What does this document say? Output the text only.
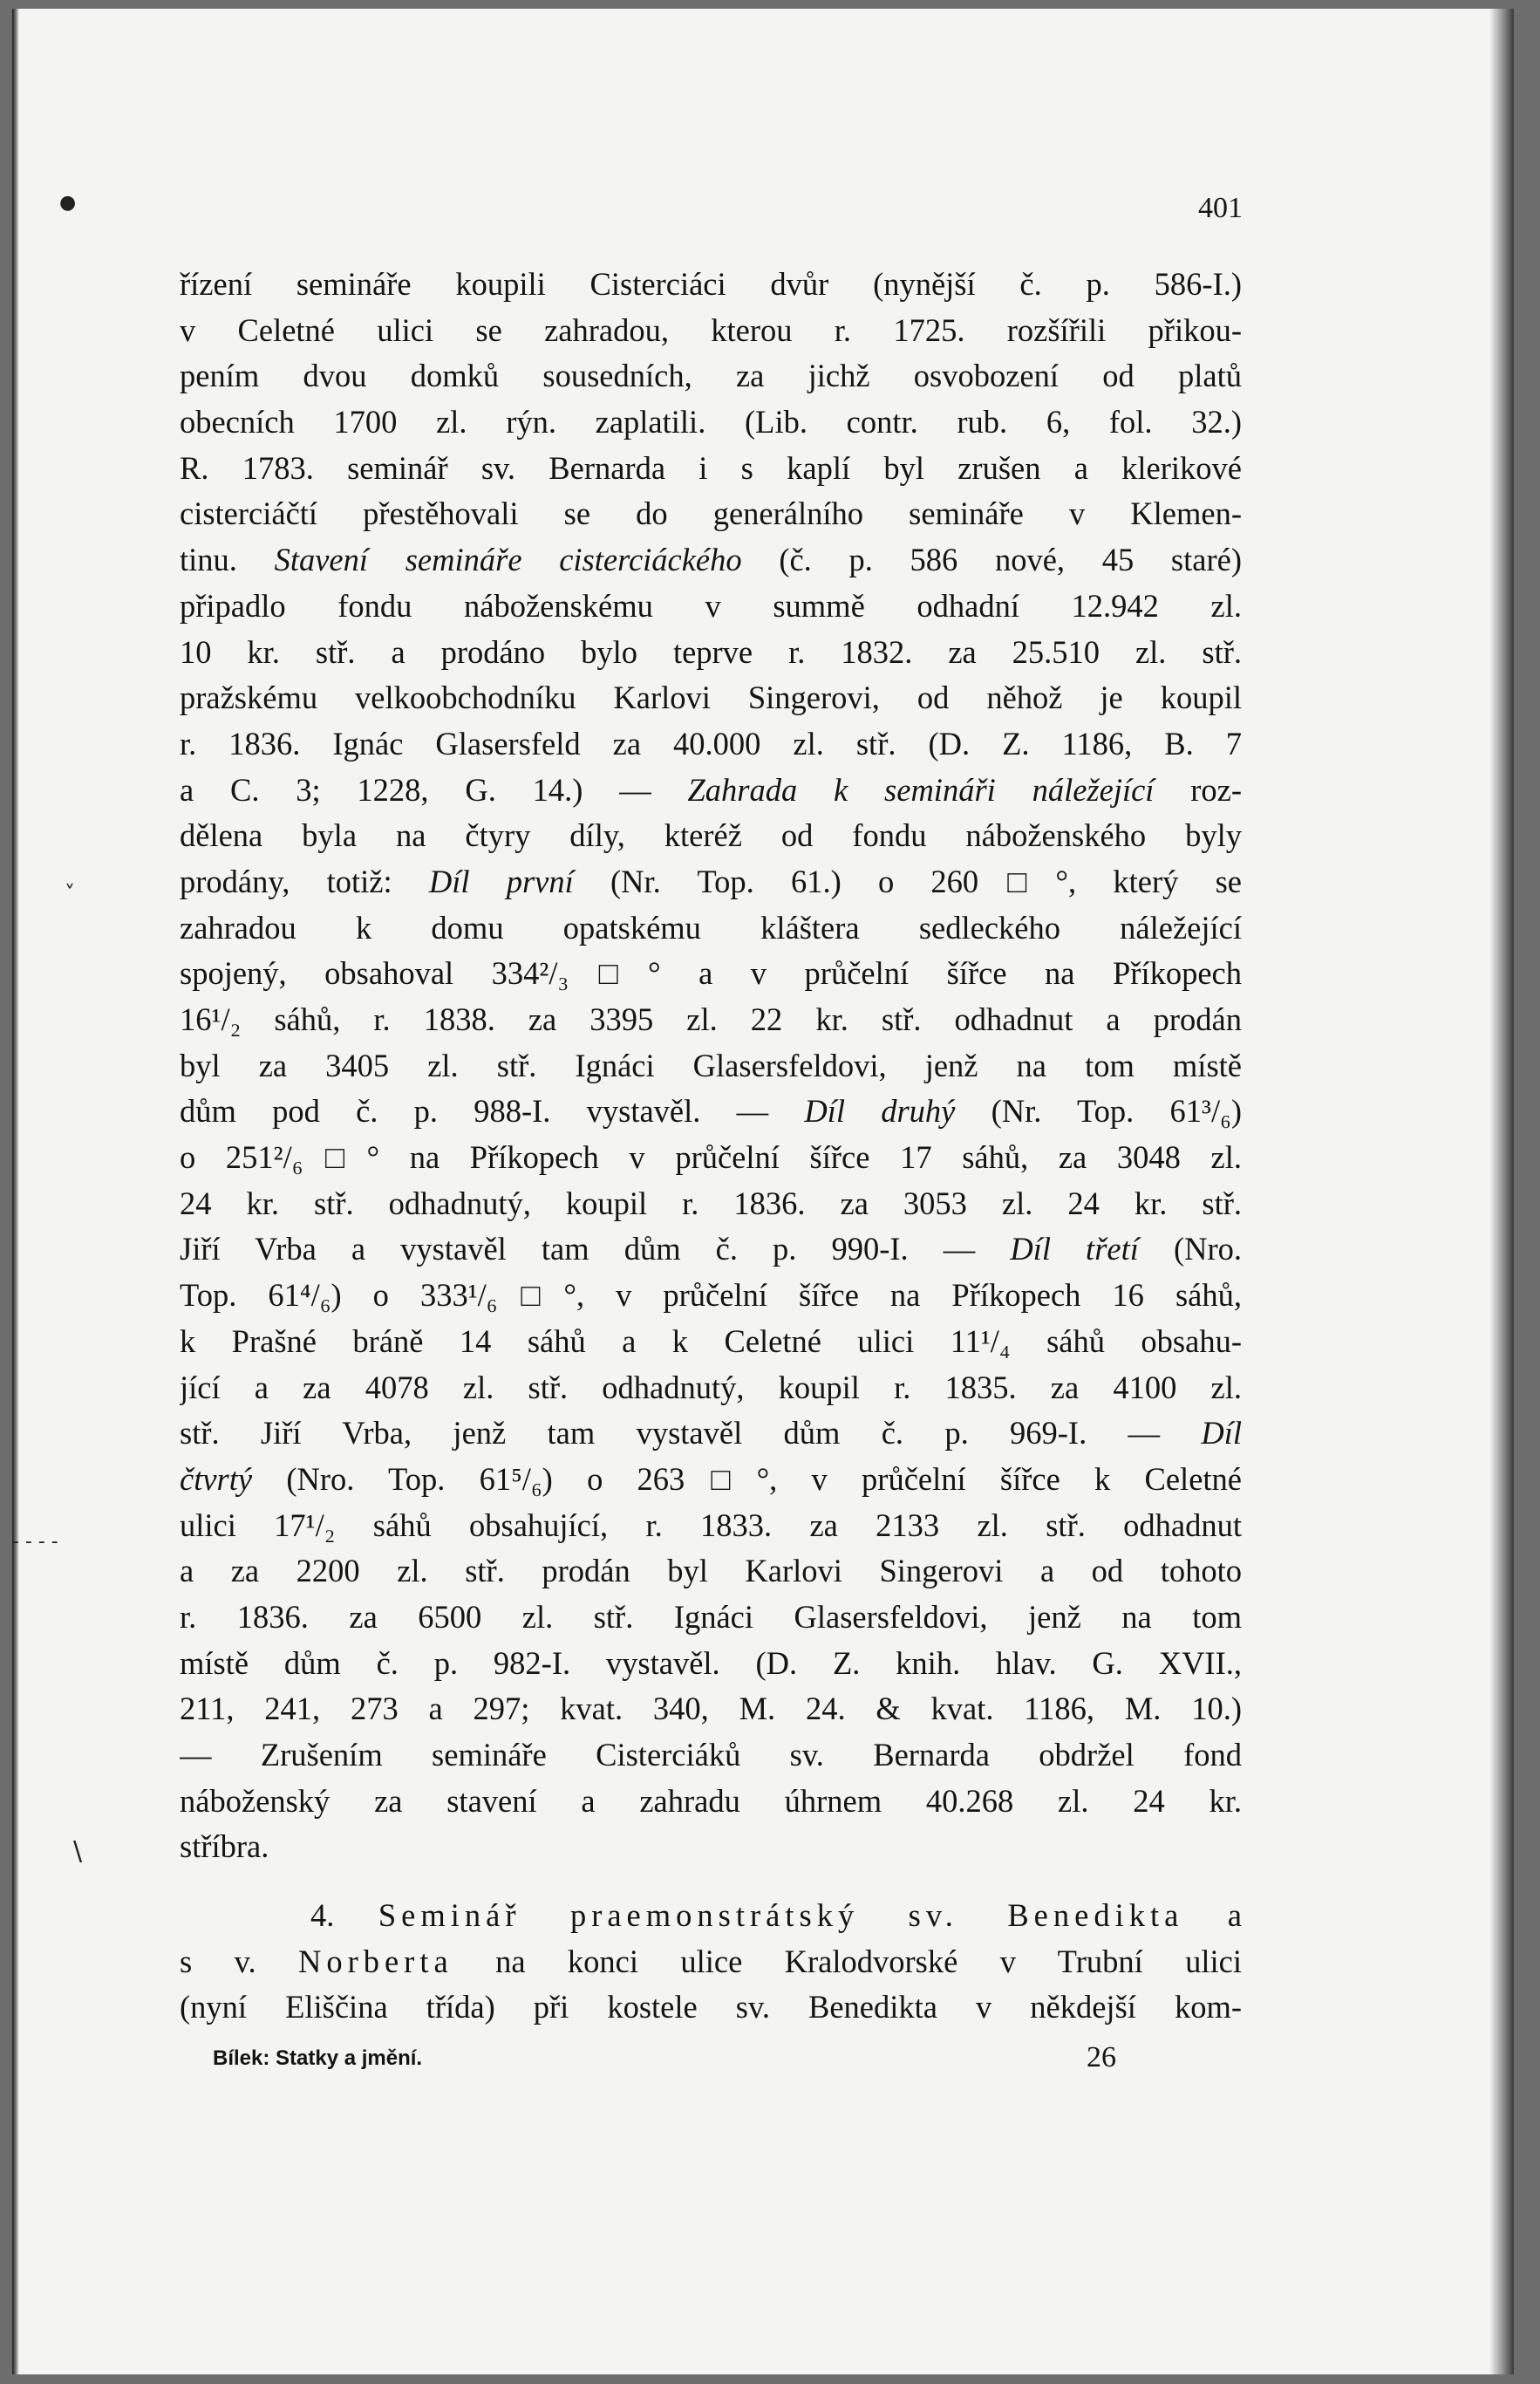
●
˅
- - - -
\
401
řízení semináře koupili Cisterciáci dvůr (nynější č. p. 586-I.)
v Celetné ulici se zahradou, kterou r. 1725. rozšířili přikou-
pením dvou domků sousedních, za jichž osvobození od platů
obecních 1700 zl. rýn. zaplatili. (Lib. contr. rub. 6, fol. 32.)
R. 1783. seminář sv. Bernarda i s kaplí byl zrušen a klerikové
cisterciáčtí přestěhovali se do generálního semináře v Klemen-
tinu. Stavení semináře cisterciáckého (č. p. 586 nové, 45 staré)
připadlo fondu náboženskému v summě odhadní 12.942 zl.
10 kr. stř. a prodáno bylo teprve r. 1832. za 25.510 zl. stř.
pražskému velkoobchodníku Karlovi Singerovi, od něhož je koupil
r. 1836. Ignác Glasersfeld za 40.000 zl. stř. (D. Z. 1186, B. 7
a C. 3; 1228, G. 14.) — Zahrada k semináři náležející roz-
dělena byla na čtyry díly, kteréž od fondu náboženského byly
prodány, totiž: Díl první (Nr. Top. 61.) o 260□°, který se
zahradou k domu opatskému kláštera sedleckého náležející
spojený, obsahoval 334²/₃□° a v průčelní šířce na Příkopech
16¹/₂ sáhů, r. 1838. za 3395 zl. 22 kr. stř. odhadnut a prodán
byl za 3405 zl. stř. Ignáci Glasersfeldovi, jenž na tom místě
dům pod č. p. 988-I. vystavěl. — Díl druhý (Nr. Top. 61³/₆)
o 251²/₆□° na Příkopech v průčelní šířce 17 sáhů, za 3048 zl.
24 kr. stř. odhadnutý, koupil r. 1836. za 3053 zl. 24 kr. stř.
Jiří Vrba a vystavěl tam dům č. p. 990-I. — Díl třetí (Nro.
Top. 61⁴/₆) o 333¹/₆□°, v průčelní šířce na Příkopech 16 sáhů,
k Prašné bráně 14 sáhů a k Celetné ulici 11¹/₄ sáhů obsahu-
jící a za 4078 zl. stř. odhadnutý, koupil r. 1835. za 4100 zl.
stř. Jiří Vrba, jenž tam vystavěl dům č. p. 969-I. — Díl
čtvrtý (Nro. Top. 61⁵/₆) o 263□°, v průčelní šířce k Celetné
ulici 17¹/₂ sáhů obsahující, r. 1833. za 2133 zl. stř. odhadnut
a za 2200 zl. stř. prodán byl Karlovi Singerovi a od tohoto
r. 1836. za 6500 zl. stř. Ignáci Glasersfeldovi, jenž na tom
místě dům č. p. 982-I. vystavěl. (D. Z. knih. hlav. G. XVII.,
211, 241, 273 a 297; kvat. 340, M. 24. & kvat. 1186, M. 10.)
— Zrušením semináře Cisterciáků sv. Bernarda obdržel fond
náboženský za stavení a zahradu úhrnem 40.268 zl. 24 kr.
stříbra.
4. Seminář praemonstrátský sv. Benedikta a
s v. Norberta na konci ulice Kralodvorské v Trubní ulici
(nyní Eliščina třída) při kostele sv. Benedikta v někdejší kom-
Bílek: Statky a jmění.	26
